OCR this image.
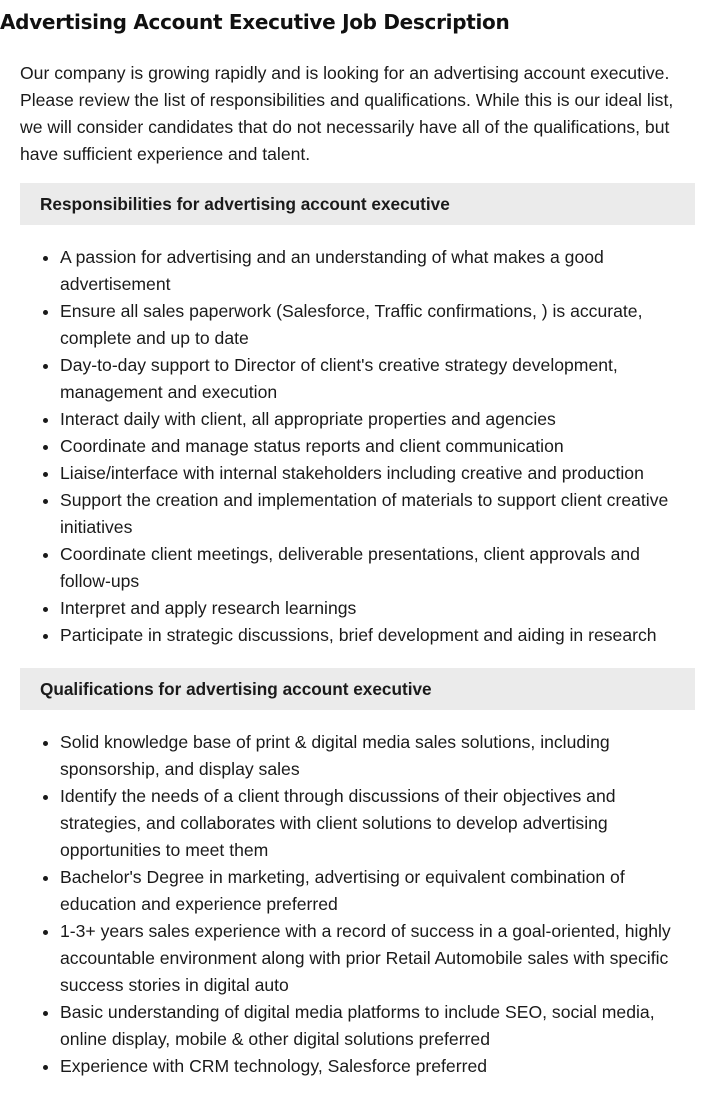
Advertising Account Executive Job Description

Our company is growing rapidly and is looking for an advertising account executive. Please review the list of responsibilities and qualifications. While this is our ideal list, we will consider candidates that do not necessarily have all of the qualifications, but have sufficient experience and talent.

Responsibilities for advertising account executive
• A passion for advertising and an understanding of what makes a good advertisement
• Ensure all sales paperwork (Salesforce, Traffic confirmations, ) is accurate, complete and up to date
• Day-to-day support to Director of client's creative strategy development, management and execution
• Interact daily with client, all appropriate properties and agencies
• Coordinate and manage status reports and client communication
• Liaise/interface with internal stakeholders including creative and production
• Support the creation and implementation of materials to support client creative initiatives
• Coordinate client meetings, deliverable presentations, client approvals and follow-ups
• Interpret and apply research learnings
• Participate in strategic discussions, brief development and aiding in research
Qualifications for advertising account executive
• Solid knowledge base of print & digital media sales solutions, including sponsorship, and display sales
• Identify the needs of a client through discussions of their objectives and strategies, and collaborates with client solutions to develop advertising opportunities to meet them
• Bachelor's Degree in marketing, advertising or equivalent combination of education and experience preferred
• 1-3+ years sales experience with a record of success in a goal-oriented, highly accountable environment along with prior Retail Automobile sales with specific success stories in digital auto
• Basic understanding of digital media platforms to include SEO, social media, online display, mobile & other digital solutions preferred
• Experience with CRM technology, Salesforce preferred
